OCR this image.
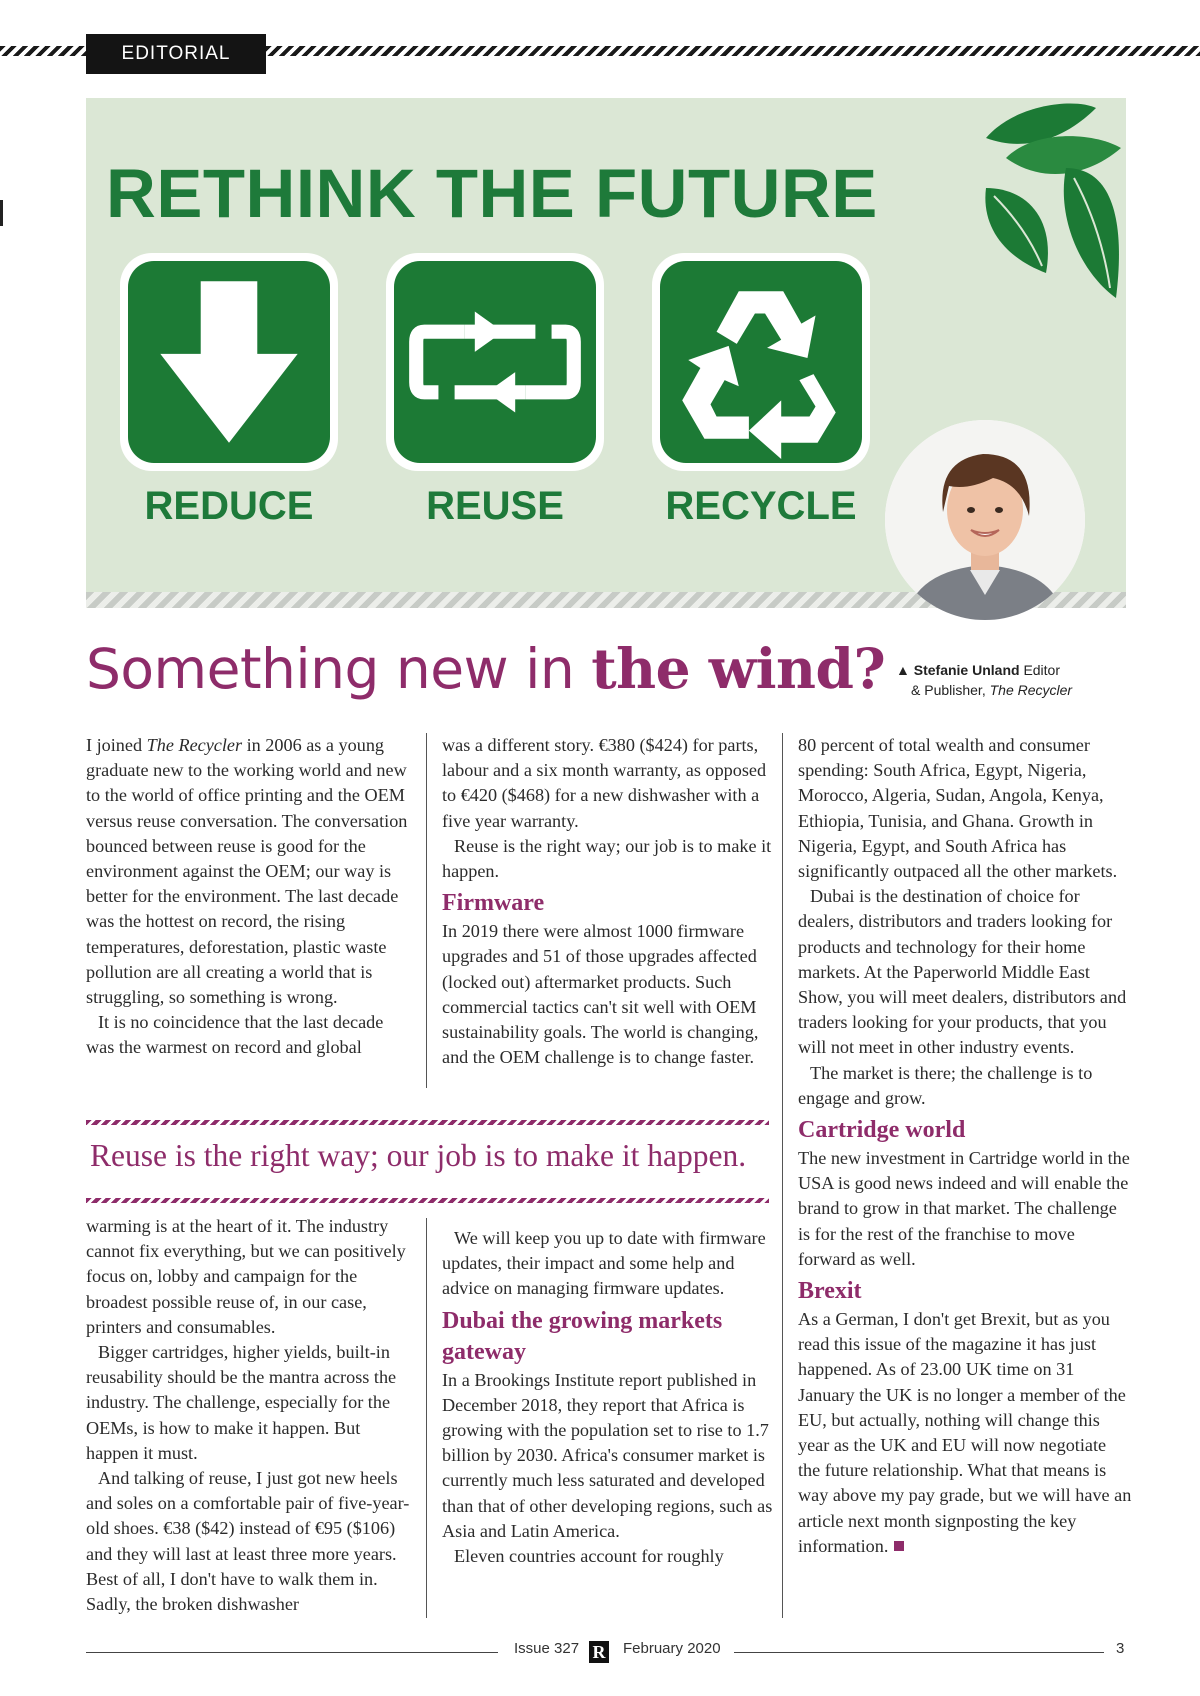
EDITORIAL
RETHINK THE FUTURE
REDUCE	REUSE	RECYCLE
▲ Stefanie Unland Editor
& Publisher, The Recycler
Something new in the wind?

I joined The Recycler in 2006 as a young graduate new to the working world and new to the world of office printing and the OEM versus reuse conversation. The conversation bounced between reuse is good for the environment against the OEM; our way is better for the environment. The last decade was the hottest on record, the rising temperatures, deforestation, plastic waste pollution are all creating a world that is struggling, so something is wrong.

It is no coincidence that the last decade was the warmest on record and global

was a different story. €380 ($424) for parts, labour and a six month warranty, as opposed to €420 ($468) for a new dishwasher with a five year warranty.

Reuse is the right way; our job is to make it happen.

Firmware

In 2019 there were almost 1000 firmware upgrades and 51 of those upgrades affected (locked out) aftermarket products. Such commercial tactics can't sit well with OEM sustainability goals. The world is changing, and the OEM challenge is to change faster.

Reuse is the right way; our job is to make it happen.

warming is at the heart of it. The industry cannot fix everything, but we can positively focus on, lobby and campaign for the broadest possible reuse of, in our case, printers and consumables.

Bigger cartridges, higher yields, built-in reusability should be the mantra across the industry. The challenge, especially for the OEMs, is how to make it happen. But happen it must.

And talking of reuse, I just got new heels and soles on a comfortable pair of five-year-old shoes. €38 ($42) instead of €95 ($106) and they will last at least three more years. Best of all, I don't have to walk them in. Sadly, the broken dishwasher

We will keep you up to date with firmware updates, their impact and some help and advice on managing firmware updates.

Dubai the growing markets gateway

In a Brookings Institute report published in December 2018, they report that Africa is growing with the population set to rise to 1.7 billion by 2030. Africa's consumer market is currently much less saturated and developed than that of other developing regions, such as Asia and Latin America.

Eleven countries account for roughly

80 percent of total wealth and consumer spending: South Africa, Egypt, Nigeria, Morocco, Algeria, Sudan, Angola, Kenya, Ethiopia, Tunisia, and Ghana. Growth in Nigeria, Egypt, and South Africa has significantly outpaced all the other markets.

Dubai is the destination of choice for dealers, distributors and traders looking for products and technology for their home markets. At the Paperworld Middle East Show, you will meet dealers, distributors and traders looking for your products, that you will not meet in other industry events.

The market is there; the challenge is to engage and grow.

Cartridge world

The new investment in Cartridge world in the USA is good news indeed and will enable the brand to grow in that market. The challenge is for the rest of the franchise to move forward as well.

Brexit

As a German, I don't get Brexit, but as you read this issue of the magazine it has just happened. As of 23.00 UK time on 31 January the UK is no longer a member of the EU, but actually, nothing will change this year as the UK and EU will now negotiate the future relationship. What that means is way above my pay grade, but we will have an article next month signposting the key information.

Issue 327 R February 2020	3
